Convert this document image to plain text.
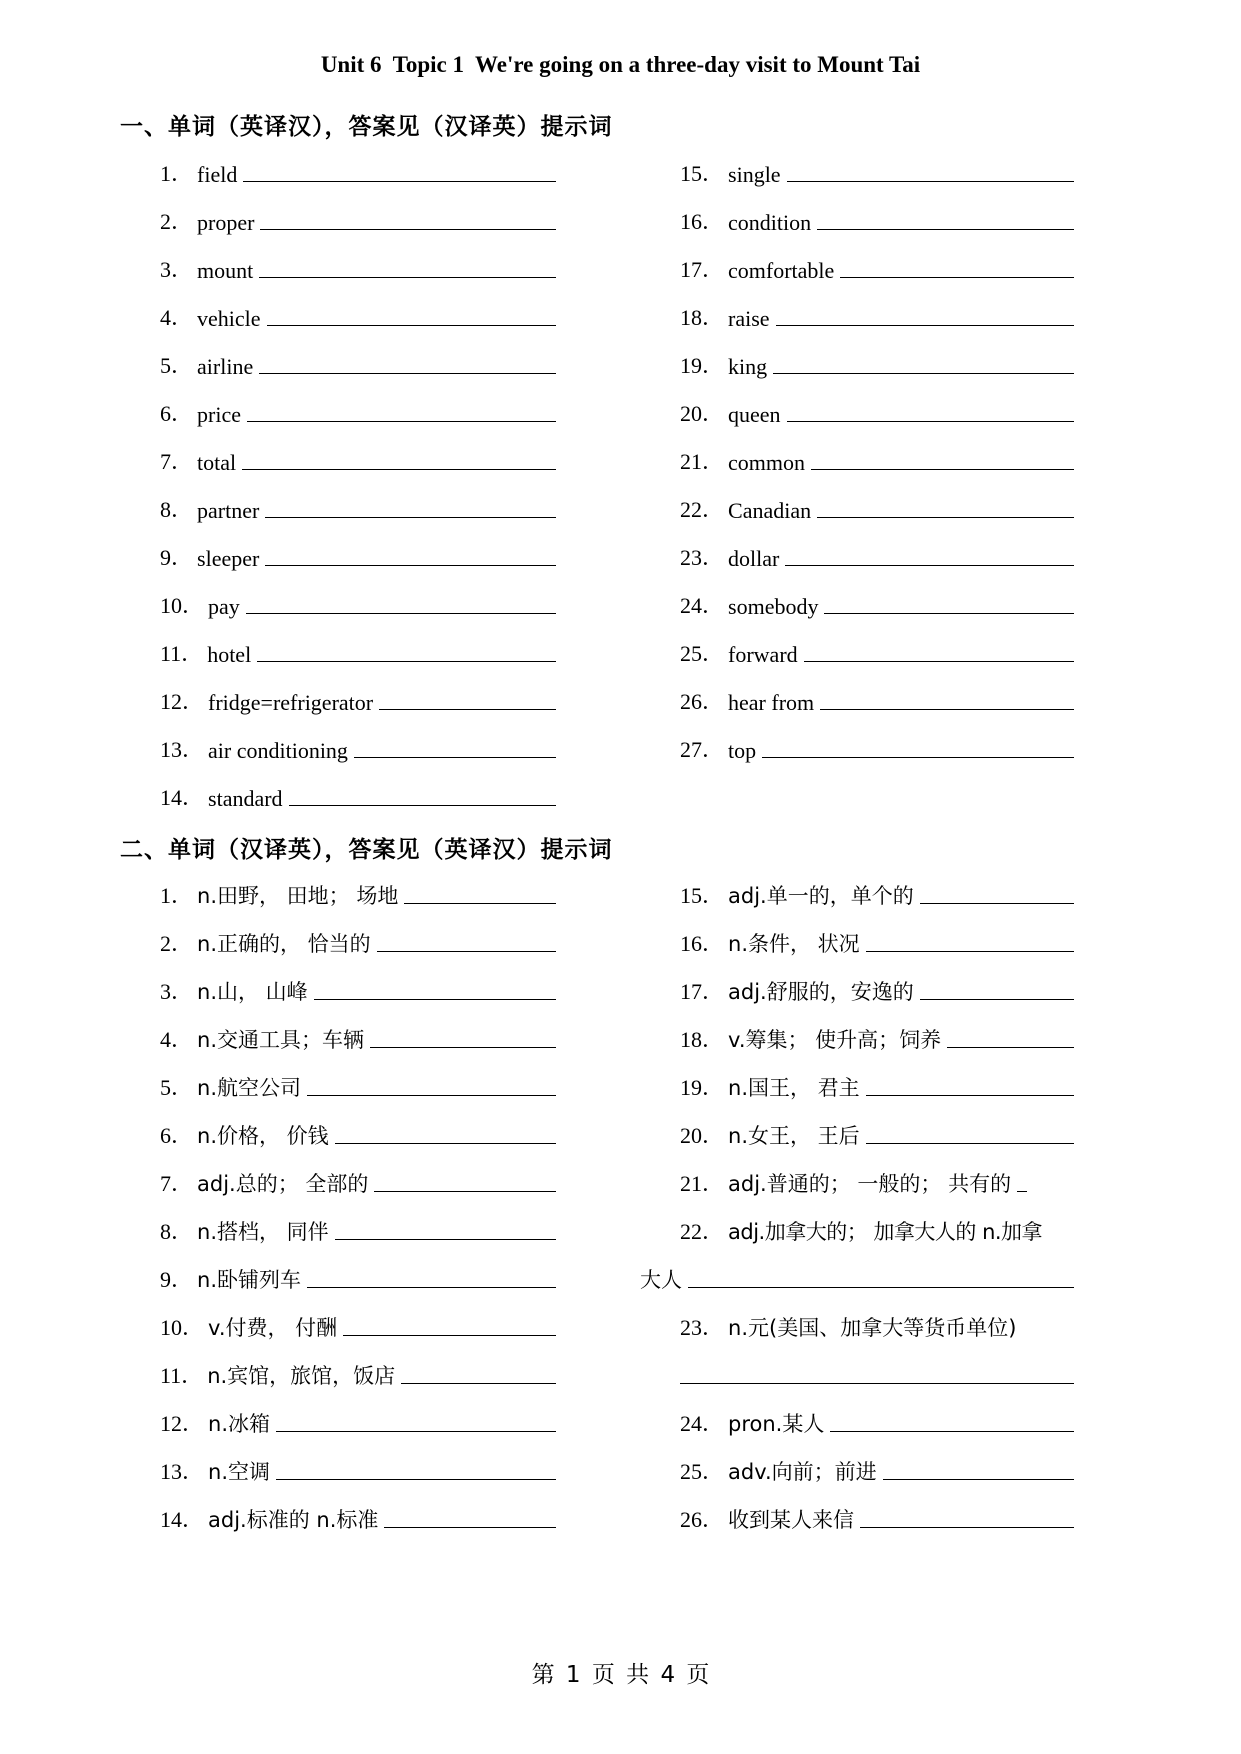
Unit 6  Topic 1  We're going on a three-day visit to Mount Tai
一、单词（英译汉），答案见（汉译英）提示词
1． field
2． proper
3． mount
4． vehicle
5． airline
6． price
7． total
8． partner
9． sleeper
10． pay
11． hotel
12． fridge=refrigerator
13． air conditioning
14． standard
15． single
16． condition
17． comfortable
18． raise
19． king
20． queen
21． common
22． Canadian
23． dollar
24． somebody
25． forward
26． hear from
27． top
二、单词（汉译英），答案见（英译汉）提示词
1． n.田野， 田地； 场地
2． n.正确的， 恰当的
3． n.山， 山峰
4． n.交通工具；车辆
5． n.航空公司
6． n.价格， 价钱
7． adj.总的； 全部的
8． n.搭档， 同伴
9． n.卧铺列车
10． v.付费， 付酬
11． n.宾馆，旅馆，饭店
12． n.冰箱
13． n.空调
14． adj.标准的 n.标准
15． adj.单一的，单个的
16． n.条件， 状况
17． adj.舒服的，安逸的
18． v.筹集； 使升高；饲养
19． n.国王， 君主
20． n.女王， 王后
21． adj.普通的； 一般的； 共有的
22． adj.加拿大的； 加拿大人的 n.加拿
大人
23． n.元(美国、加拿大等货币单位)
24． pron.某人
25． adv.向前；前进
26． 收到某人来信
第 1 页 共 4 页
